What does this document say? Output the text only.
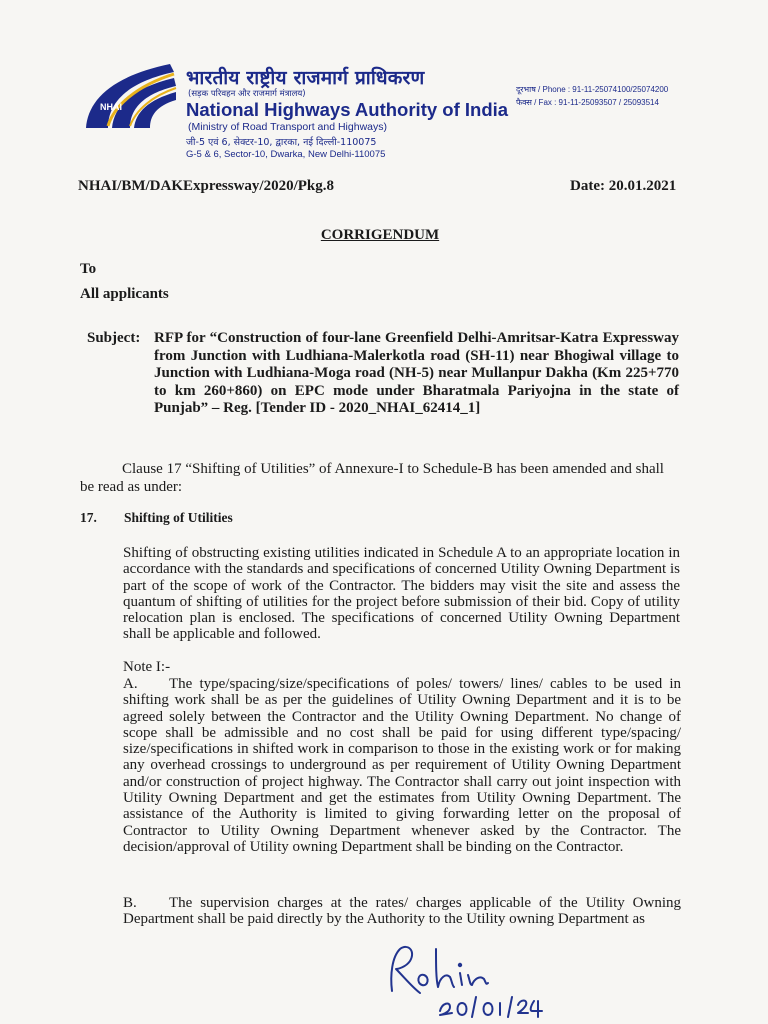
NHAI
भारतीय राष्ट्रीय राजमार्ग प्राधिकरण
(सड़क परिवहन और राजमार्ग मंत्रालय)
National Highways Authority of India
(Ministry of Road Transport and Highways)
जी-5 एवं 6, सेक्टर-10, द्वारका, नई दिल्ली-110075
G-5 & 6, Sector-10, Dwarka, New Delhi-110075
दूरभाष / Phone : 91-11-25074100/25074200
फैक्स / Fax : 91-11-25093507 / 25093514
NHAI/BM/DAKExpressway/2020/Pkg.8	Date: 20.01.2021
CORRIGENDUM
To
All applicants
Subject: RFP for “Construction of four-lane Greenfield Delhi-Amritsar-Katra Expressway from Junction with Ludhiana-Malerkotla road (SH-11) near Bhogiwal village to Junction with Ludhiana-Moga road (NH-5) near Mullanpur Dakha (Km 225+770 to km 260+860) on EPC mode under Bharatmala Pariyojna in the state of Punjab” – Reg. [Tender ID - 2020_NHAI_62414_1]
Clause 17 “Shifting of Utilities” of Annexure-I to Schedule-B has been amended and shall be read as under:
17. Shifting of Utilities
Shifting of obstructing existing utilities indicated in Schedule A to an appropriate location in accordance with the standards and specifications of concerned Utility Owning Department is part of the scope of work of the Contractor. The bidders may visit the site and assess the quantum of shifting of utilities for the project before submission of their bid. Copy of utility relocation plan is enclosed. The specifications of concerned Utility Owning Department shall be applicable and followed.
Note I:-
A.	The type/spacing/size/specifications of poles/ towers/ lines/ cables to be used in shifting work shall be as per the guidelines of Utility Owning Department and it is to be agreed solely between the Contractor and the Utility Owning Department. No change of scope shall be admissible and no cost shall be paid for using different type/spacing/ size/specifications in shifted work in comparison to those in the existing work or for making any overhead crossings to underground as per requirement of Utility Owning Department and/or construction of project highway. The Contractor shall carry out joint inspection with Utility Owning Department and get the estimates from Utility Owning Department. The assistance of the Authority is limited to giving forwarding letter on the proposal of Contractor to Utility Owning Department whenever asked by the Contractor. The decision/approval of Utility owning Department shall be binding on the Contractor.
B.	The supervision charges at the rates/ charges applicable of the Utility Owning Department shall be paid directly by the Authority to the Utility owning Department as
